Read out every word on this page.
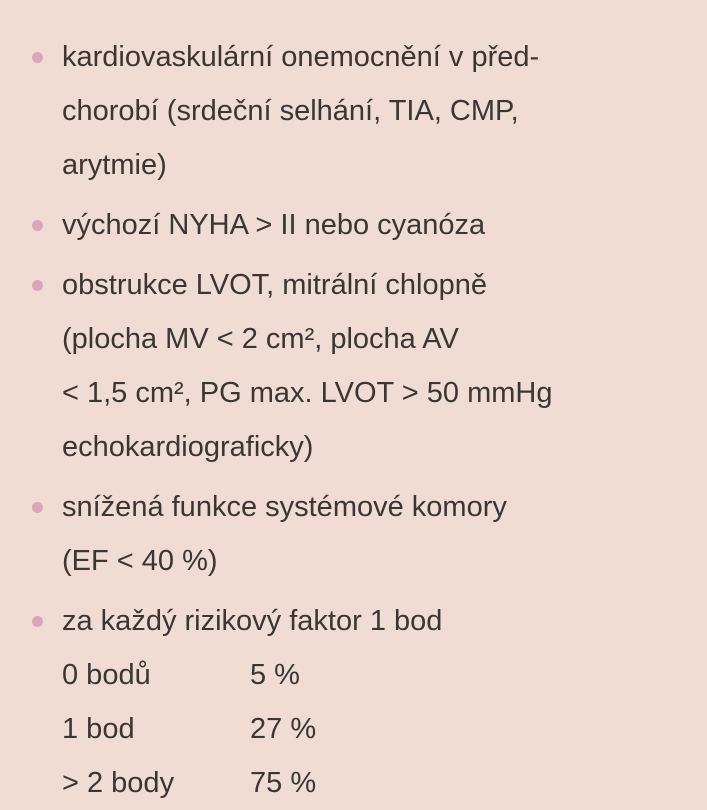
kardiovaskulární onemocnění v před-
chorobí (srdeční selhání, TIA, CMP,
arytmie)
výchozí NYHA > II nebo cyanóza
obstrukce LVOT, mitrální chlopně
(plocha MV < 2 cm², plocha AV
< 1,5 cm², PG max. LVOT > 50 mmHg
echokardiograficky)
snížená funkce systémové komory
(EF < 40 %)
za každý rizikový faktor 1 bod
0 bodů	5 %
1 bod	27 %
> 2 body	75 %
